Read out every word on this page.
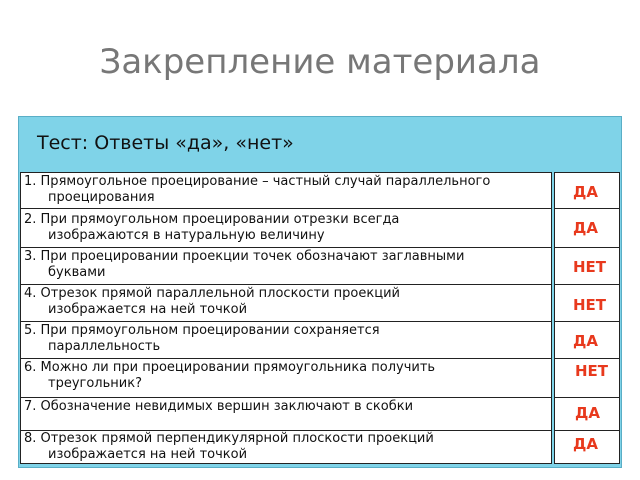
Закрепление материала
Тест: Ответы «да», «нет»
1. Прямоугольное проецирование – частный случай параллельного
проецирования
2. При прямоугольном проецировании отрезки всегда
изображаются в натуральную величину
3. При проецировании проекции точек обозначают заглавными
буквами
4. Отрезок прямой параллельной плоскости проекций
изображается на ней точкой
5. При прямоугольном проецировании сохраняется
параллельность
6. Можно ли при проецировании прямоугольника получить
треугольник?
7. Обозначение невидимых вершин заключают в скобки
8. Отрезок прямой перпендикулярной плоскости проекций
изображается на ней точкой
ДА
ДА
НЕТ
НЕТ
ДА
НЕТ
ДА
ДА
